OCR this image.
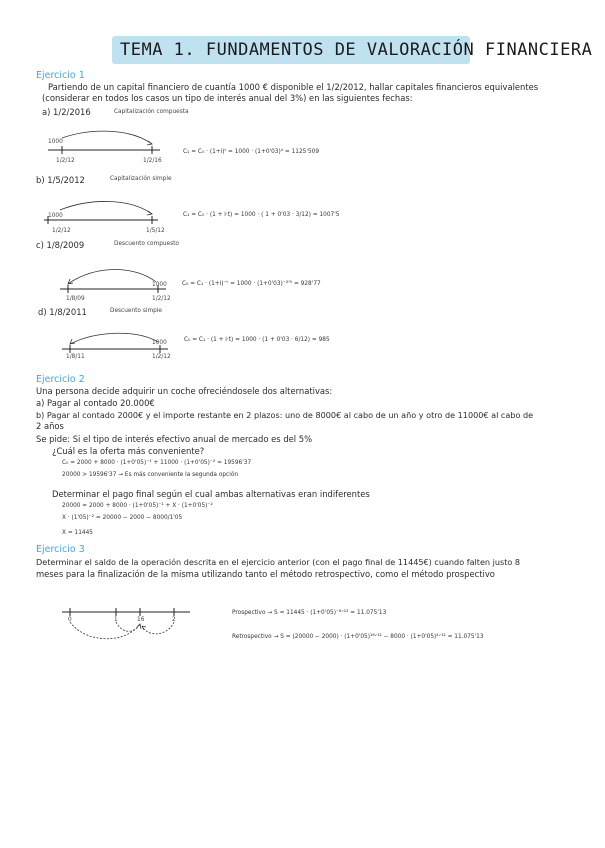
TEMA 1. FUNDAMENTOS DE VALORACIÓN FINANCIERA
Ejercicio 1
Partiendo de un capital financiero de cuantía 1000 € disponible el 1/2/2012, hallar capitales financieros equivalentes
(considerar en todos los casos un tipo de interés anual del 3%) en las siguientes fechas:
a) 1/2/2016	Capitalización compuesta
1000
1/2/12	1/2/16
C₁ = C₀ · (1+i)ᵗ = 1000 · (1+0'03)⁴ = 1125'509
b) 1/5/2012	Capitalización simple
1000
1/2/12	1/5/12
C₁ = C₀ · (1 + i·t) = 1000 · ( 1 + 0'03 · 3/12) = 1007'5
c) 1/8/2009	Descuento compuesto
1000
1/8/09	1/2/12
C₀ = C₁ · (1+i)⁻ᵗ = 1000 · (1+0'03)⁻²'⁵ = 928'77
d) 1/8/2011	Descuento simple
1000
1/8/11	1/2/12
C₀ = C₁ · (1 + i·t) = 1000 · (1 + 0'03 · 6/12) = 985
Ejercicio 2
Una persona decide adquirir un coche ofreciéndosele dos alternativas:
a) Pagar al contado 20.000€
b) Pagar al contado 2000€ y el importe restante en 2 plazos: uno de 8000€ al cabo de un año y otro de 11000€ al cabo de
2 años
Se pide: Si el tipo de interés efectivo anual de mercado es del 5%
¿Cuál es la oferta más conveniente?
C₀ = 2000 + 8000 · (1+0'05)⁻¹ + 11000 · (1+0'05)⁻² = 19596'37
20000 > 19596'37 → Es más conveniente la segunda opción
Determinar el pago final según el cual ambas alternativas eran indiferentes
20000 = 2000 + 8000 · (1+0'05)⁻¹ + X · (1+0'05)⁻²
X · (1'05)⁻² = 20000 − 2000 − 8000/1'05
X = 11445
Ejercicio 3
Determinar el saldo de la operación descrita en el ejercicio anterior (con el pago final de 11445€) cuando falten justo 8
meses para la finalización de la misma utilizando tanto el método retrospectivo, como el método prospectivo
0	1	16	2
Prospectivo → S = 11445 · (1+0'05)⁻⁸ᐟ¹² = 11.075'13
Retrospectivo → S = (20000 − 2000) · (1+0'05)¹⁶ᐟ¹² − 8000 · (1+0'05)⁴ᐟ¹² = 11.075'13
